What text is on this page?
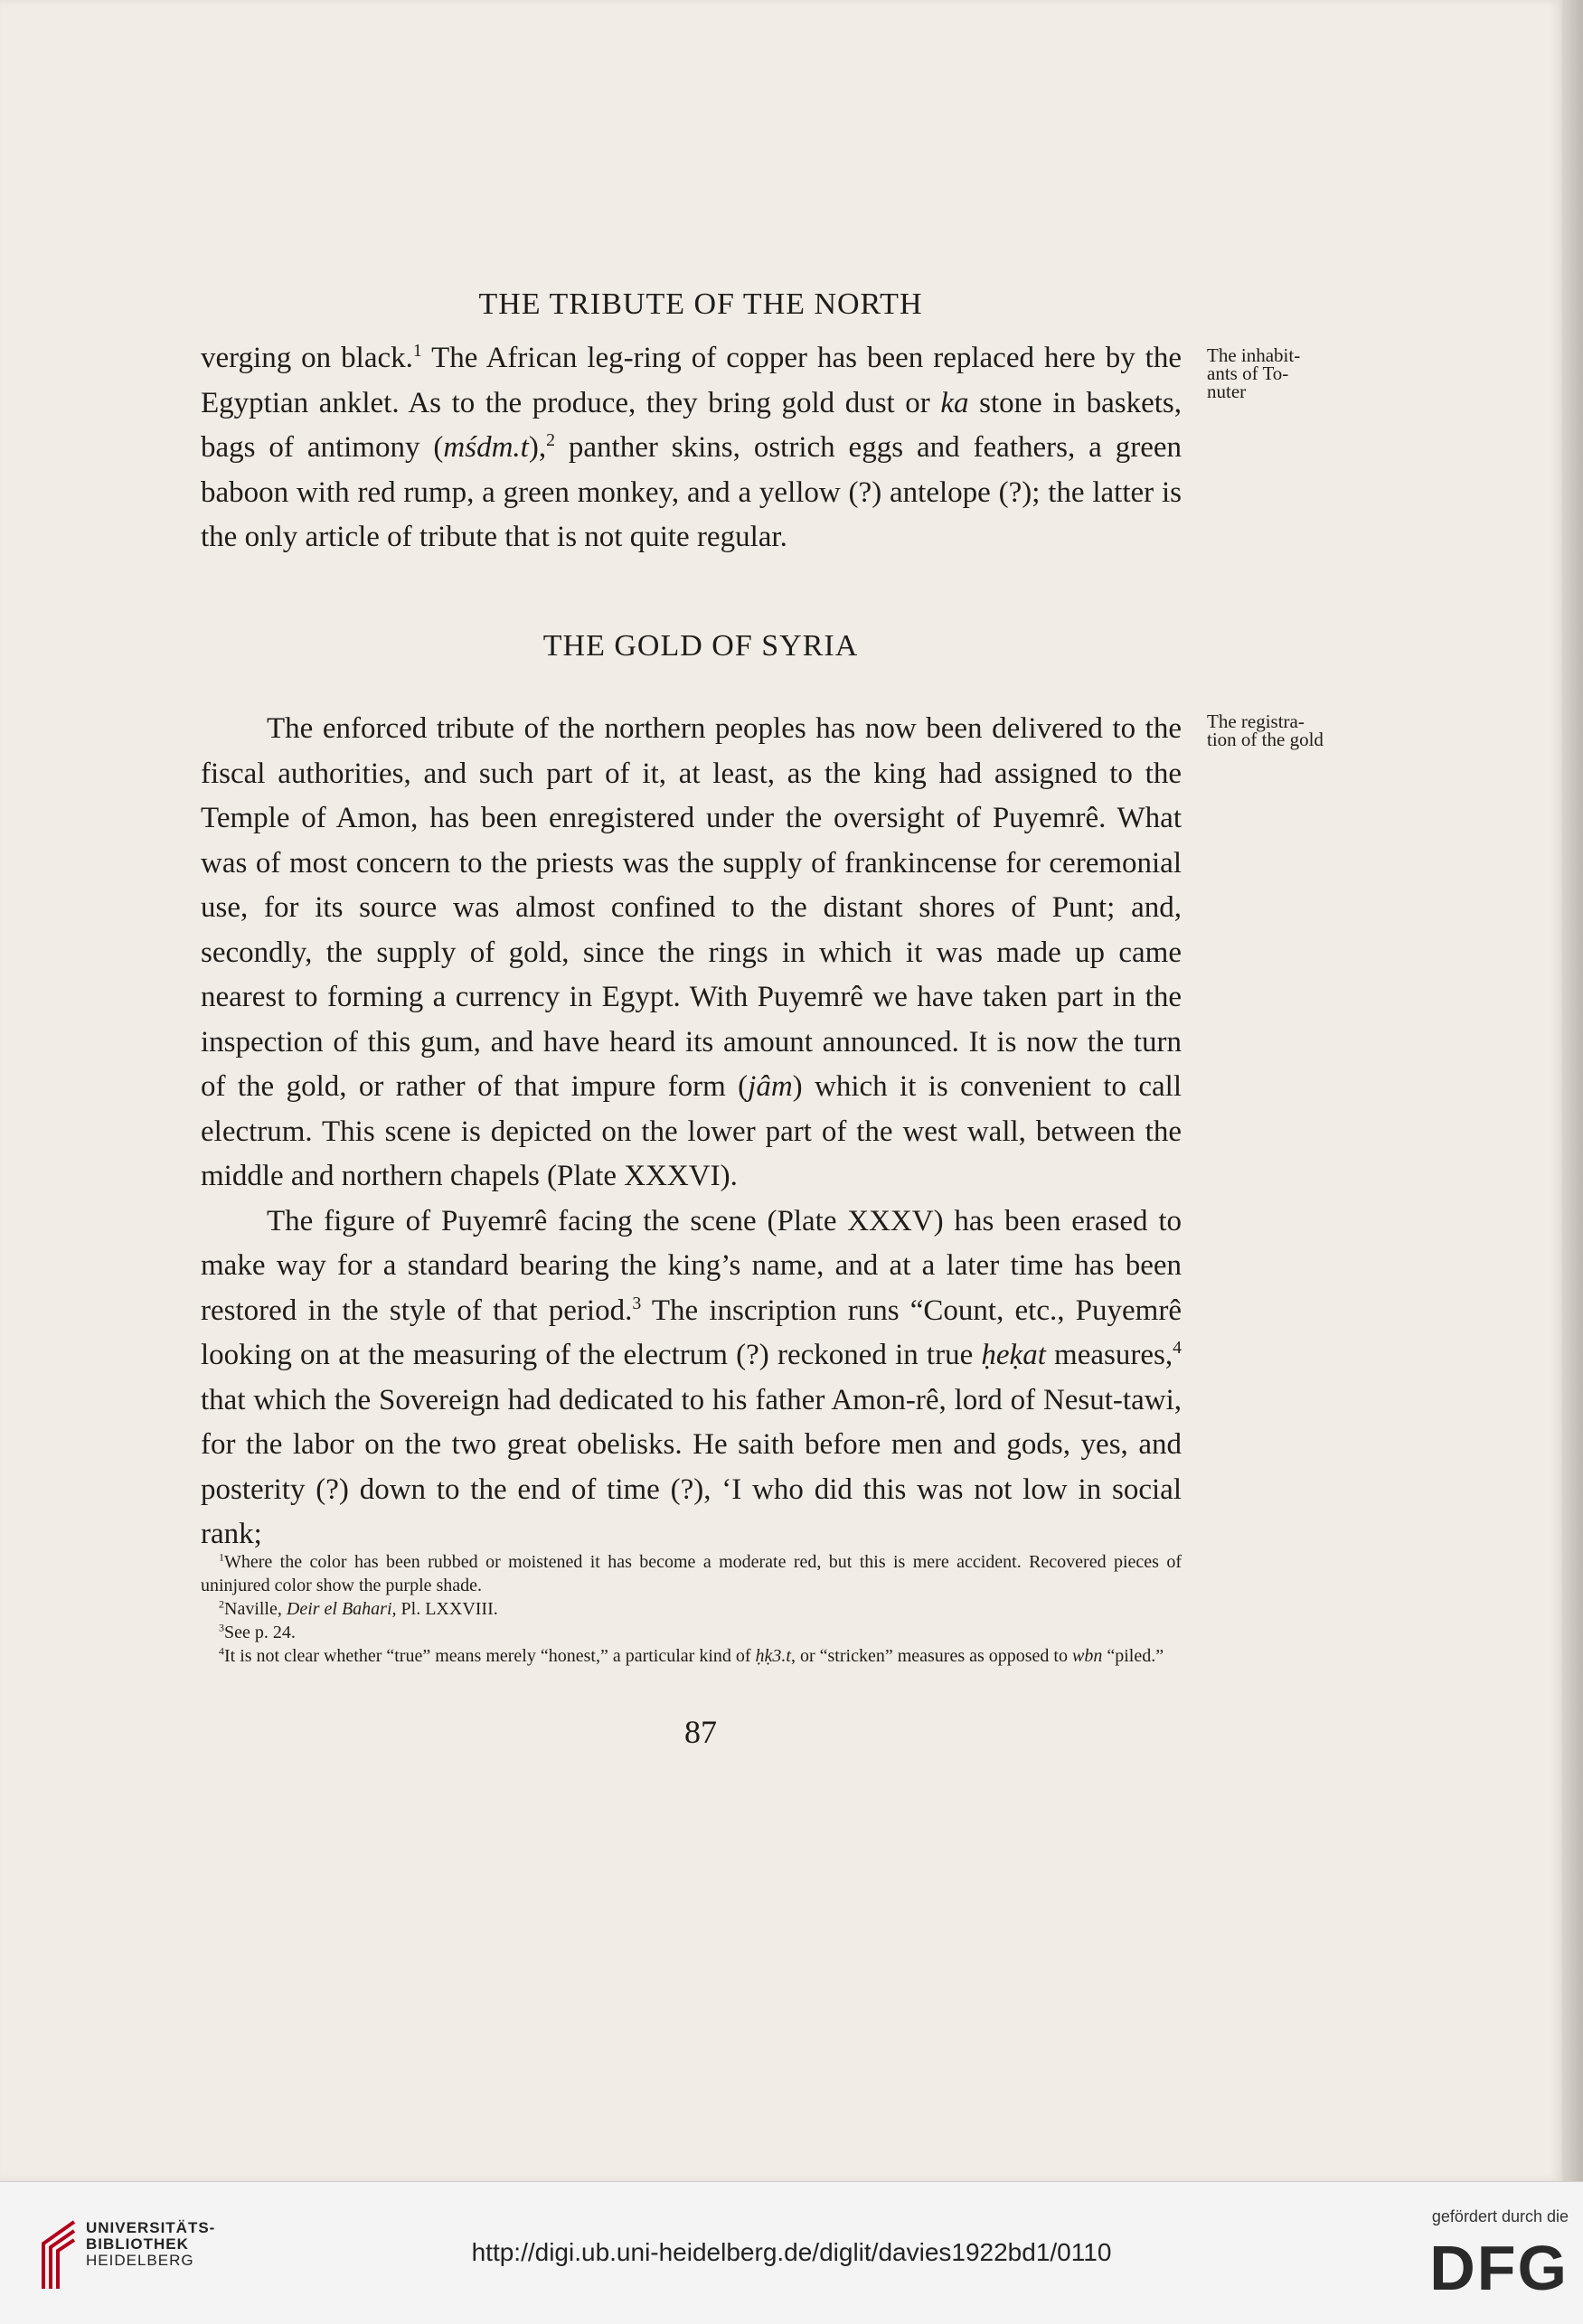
THE TRIBUTE OF THE NORTH

verging on black.$^1$ The African leg-ring of copper has been replaced here by the Egyptian anklet. As to the produce, they bring gold dust or ka stone in baskets, bags of antimony (mśdm.t),$^2$ panther skins, ostrich eggs and feathers, a green baboon with red rump, a green monkey, and a yellow (?) antelope (?); the latter is the only article of tribute that is not quite regular.

The inhabit-ants of To-nuter
THE GOLD OF SYRIA
The registra-tion of the gold

The enforced tribute of the northern peoples has now been delivered to the fiscal authorities, and such part of it, at least, as the king had assigned to the Temple of Amon, has been enregistered under the oversight of Puyemrê. What was of most concern to the priests was the supply of frankincense for ceremonial use, for its source was almost confined to the distant shores of Punt; and, secondly, the supply of gold, since the rings in which it was made up came nearest to forming a currency in Egypt. With Puyemrê we have taken part in the inspection of this gum, and have heard its amount announced. It is now the turn of the gold, or rather of that impure form (jâm) which it is convenient to call electrum. This scene is depicted on the lower part of the west wall, between the middle and northern chapels (Plate XXXVI).

The figure of Puyemrê facing the scene (Plate XXXV) has been erased to make way for a standard bearing the king’s name, and at a later time has been restored in the style of that period.$^3$ The inscription runs “Count, etc., Puyemrê looking on at the measuring of the electrum (?) reckoned in true ḥeḳat measures,$^4$ that which the Sovereign had dedicated to his father Amon-rê, lord of Nesut-tawi, for the labor on the two great obelisks. He saith before men and gods, yes, and posterity (?) down to the end of time (?), ‘I who did this was not low in social rank;

$^1$Where the color has been rubbed or moistened it has become a moderate red, but this is mere accident. Recovered pieces of uninjured color show the purple shade.

$^2$Naville, Deir el Bahari, Pl. LXXVIII.

$^3$See p. 24.

$^4$It is not clear whether “true” means merely “honest,” a particular kind of ḥḳ3.t, or “stricken” measures as opposed to wbn “piled.”

87
UNIVERSITÄTS-
BIBLIOTHEK
HEIDELBERG	http://digi.ub.uni-heidelberg.de/diglit/davies1922bd1/0110
gefördert durch die
DFG
